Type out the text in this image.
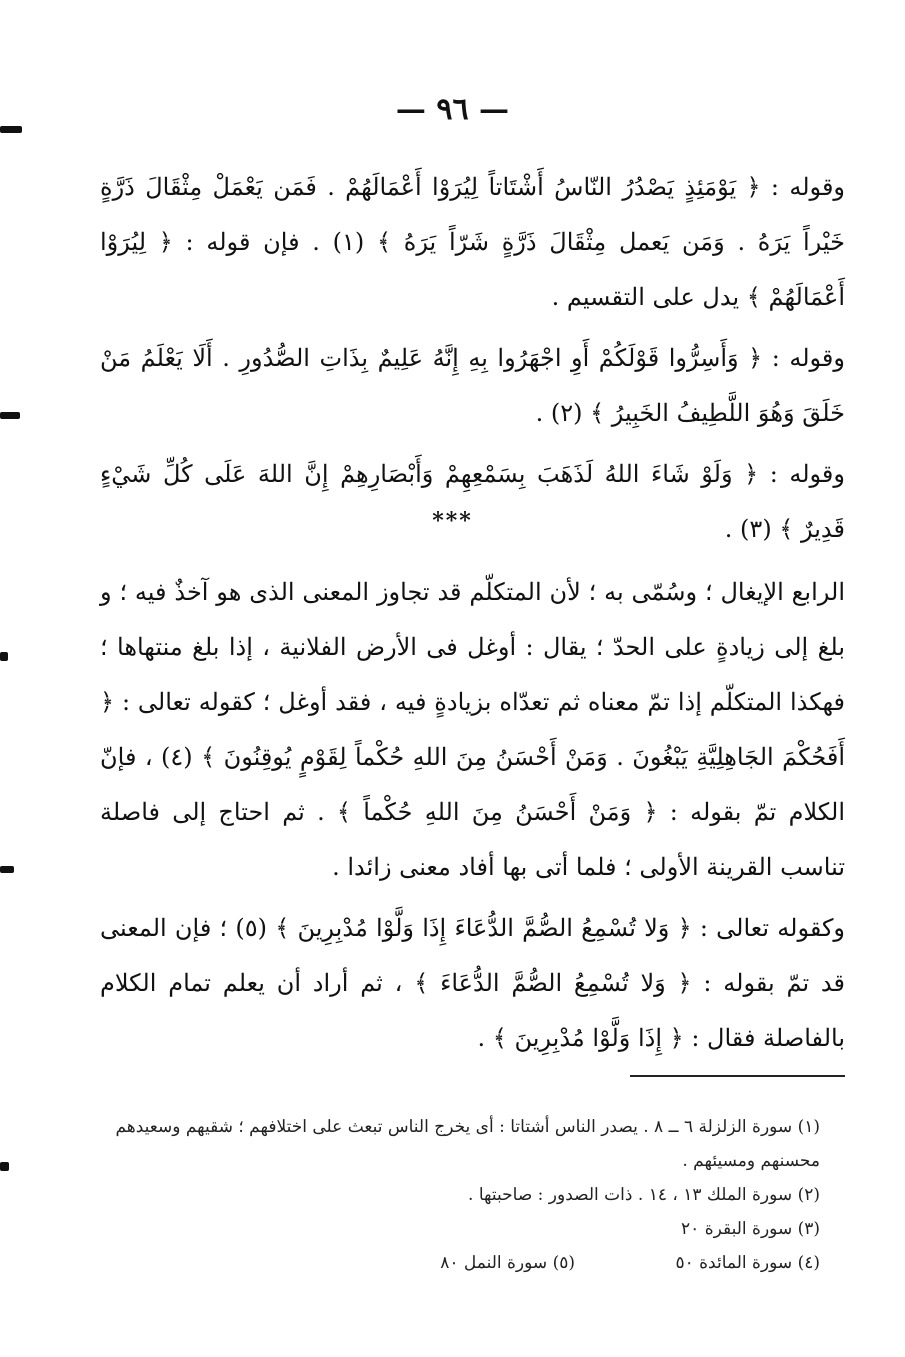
— ٩٦ —

وقوله : ﴿ يَوْمَئِذٍ يَصْدُرُ النّاسُ أَشْتَاتاً لِيُرَوْا أَعْمَالَهُمْ . فَمَن يَعْمَلْ مِثْقَالَ ذَرَّةٍ خَيْراً يَرَهُ . وَمَن يَعمل مِثْقَالَ ذَرَّةٍ شَرّاً يَرَهُ ﴾ (١) . فإن قوله : ﴿ لِيُرَوْا أَعْمَالَهُمْ ﴾ يدل على التقسيم .

وقوله : ﴿ وَأَسِرُّوا قَوْلَكُمْ أَوِ اجْهَرُوا بِهِ إِنَّهُ عَلِيمٌ بِذَاتِ الصُّدُورِ . أَلَا يَعْلَمُ مَنْ خَلَقَ وَهُوَ اللَّطِيفُ الخَبِيرُ ﴾ (٢) .

وقوله : ﴿ وَلَوْ شَاءَ اللهُ لَذَهَبَ بِسَمْعِهِمْ وَأَبْصَارِهِمْ إِنَّ اللهَ عَلَى كُلِّ شَيْءٍ قَدِيرٌ ﴾ (٣) .

***

الرابع الإيغال ؛ وسُمّى به ؛ لأن المتكلّم قد تجاوز المعنى الذى هو آخذٌ فيه ؛ و بلغ إلى زيادةٍ على الحدّ ؛ يقال : أوغل فى الأرض الفلانية ، إذا بلغ منتهاها ؛ فهكذا المتكلّم إذا تمّ معناه ثم تعدّاه بزيادةٍ فيه ، فقد أوغل ؛ كقوله تعالى : ﴿ أَفَحُكْمَ الجَاهِلِيَّةِ يَبْغُونَ . وَمَنْ أَحْسَنُ مِنَ اللهِ حُكْماً لِقَوْمٍ يُوقِنُونَ ﴾ (٤) ، فإنّ الكلام تمّ بقوله : ﴿ وَمَنْ أَحْسَنُ مِنَ اللهِ حُكْماً ﴾ . ثم احتاج إلى فاصلة تناسب القرينة الأولى ؛ فلما أتى بها أفاد معنى زائدا .

وكقوله تعالى : ﴿ وَلا تُسْمِعُ الصُّمَّ الدُّعَاءَ إِذَا وَلَّوْا مُدْبِرِينَ ﴾ (٥) ؛ فإن المعنى قد تمّ بقوله : ﴿ وَلا تُسْمِعُ الصُّمَّ الدُّعَاءَ ﴾ ، ثم أراد أن يعلم تمام الكلام بالفاصلة فقال : ﴿ إِذَا وَلَّوْا مُدْبِرِينَ ﴾ .

(١) سورة الزلزلة ٦ ــ ٨ . يصدر الناس أشتاتا : أى يخرج الناس تبعث على اختلافهم ؛ شقيهم وسعيدهم محسنهم ومسيئهم .
(٢) سورة الملك ١٣ ، ١٤ . ذات الصدور : صاحبتها .
(٣) سورة البقرة ٢٠
(٤) سورة المائدة ٥٠
(٥) سورة النمل ٨٠
